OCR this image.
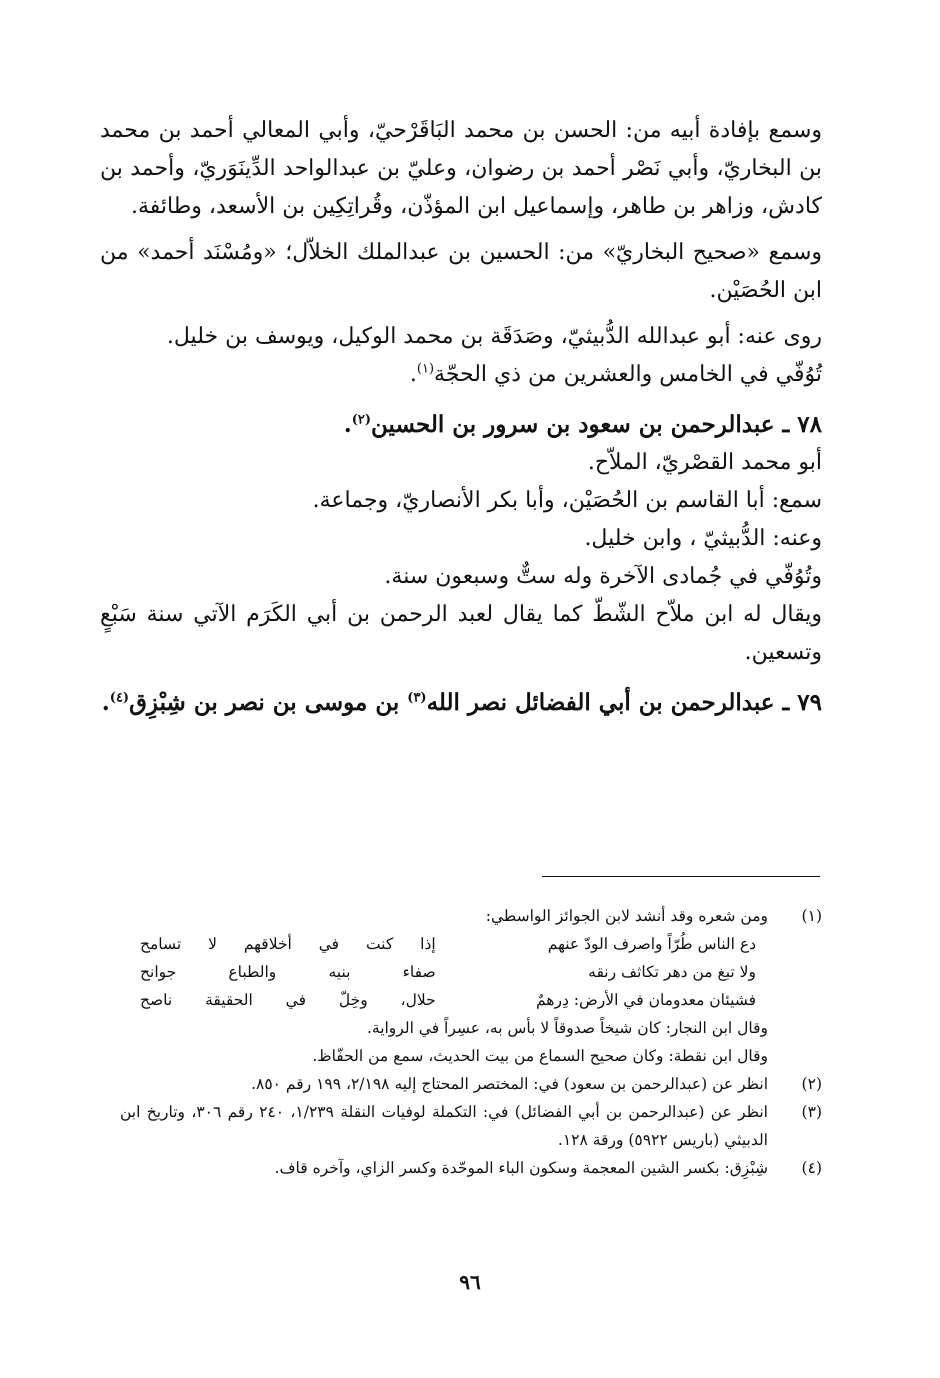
وسمع بإفادة أبيه من: الحسن بن محمد البَاقَرْحيّ، وأبي المعالي أحمد بن محمد بن البخاريّ، وأبي نَصْر أحمد بن رضوان، وعليّ بن عبدالواحد الدِّينَوَريّ، وأحمد بن كادش، وزاهر بن طاهر، وإسماعيل ابن المؤذّن، وقُراتِكِين بن الأسعد، وطائفة.

وسمع «صحيح البخاريّ» من: الحسين بن عبدالملك الخلاّل؛ «ومُسْنَد أحمد» من ابن الحُصَيْن.

روى عنه: أبو عبدالله الدُّبيثيّ، وصَدَقَة بن محمد الوكيل، ويوسف بن خليل.

تُوُفّي في الخامس والعشرين من ذي الحجّة$^{(١)}$.

٧٨ ـ عبدالرحمن بن سعود بن سرور بن الحسين$^{(٢)}$.

أبو محمد القصْريّ، الملاّح.

سمع: أبا القاسم بن الحُصَيْن، وأبا بكر الأنصاريّ، وجماعة.

وعنه: الدُّبيثيّ ، وابن خليل.

وتُوُفّي في جُمادى الآخرة وله ستٌّ وسبعون سنة.

ويقال له ابن ملاّح الشّطّ كما يقال لعبد الرحمن بن أبي الكَرَم الآتي سنة سَبْعٍ وتسعين.

٧٩ ـ عبدالرحمن بن أبي الفضائل نصر الله$^{(٣)}$ بن موسى بن نصر بن شِبْزِق$^{(٤)}$.

(١)

ومن شعره وقد أنشد لابن الجوائز الواسطي:

دع الناس طُرّاً واصرف الودّ عنهم
إذا كنت في أخلاقهم لا تسامح
ولا تبغ من دهر تكاثف رنقه
صفاء بنيه والطباع جوانح
فشيئان معدومان في الأرض: دِرهمٌ
حلال، وخِلّ في الحقيقة ناصح

وقال ابن النجار: كان شيخاً صدوقاً لا بأس به، عسِراً في الرواية.

وقال ابن نقطة: وكان صحيح السماع من بيت الحديث، سمع من الحفّاظ.

(٢)
انظر عن (عبدالرحمن بن سعود) في: المختصر المحتاج إليه ٢/١٩٨، ١٩٩ رقم ٨٥٠.
(٣)
انظر عن (عبدالرحمن بن أبي الفضائل) في: التكملة لوفيات النقلة ١/٢٣٩، ٢٤٠ رقم ٣٠٦، وتاريخ ابن الدبيثي (باريس ٥٩٢٢) ورقة ١٢٨.
(٤)
شِبْزِق: بكسر الشين المعجمة وسكون الباء الموحّدة وكسر الزاي، وآخره قاف.
٩٦
